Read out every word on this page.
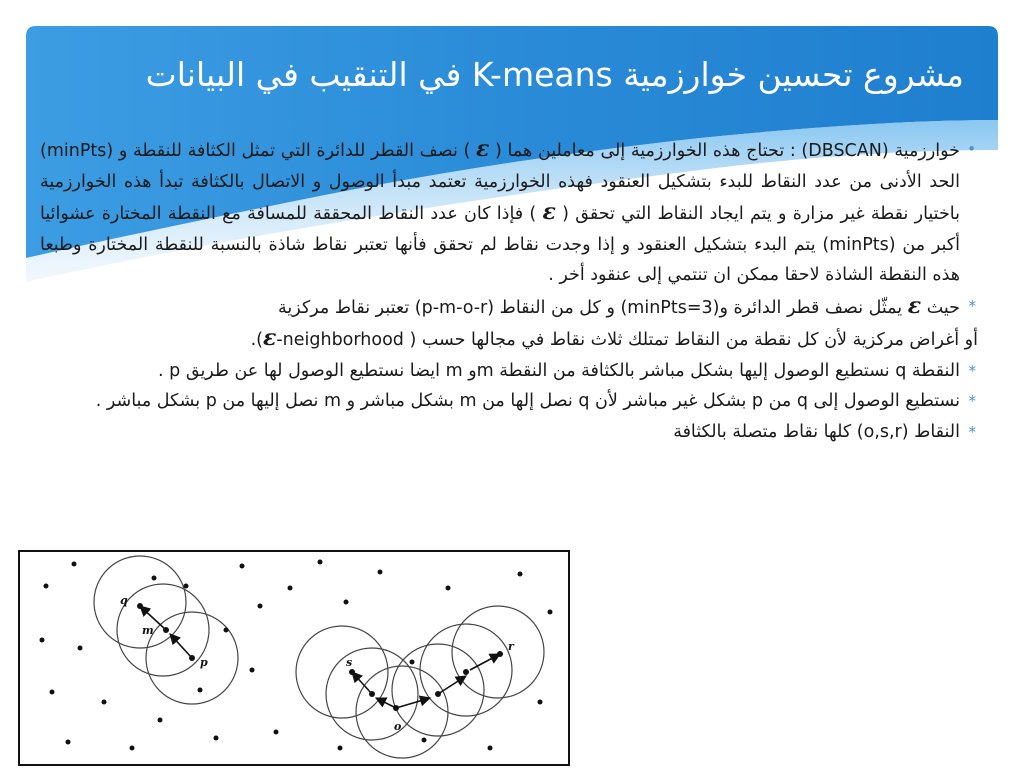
مشروع تحسين خوارزمية K-means في التنقيب في البيانات

•
خوارزمية (DBSCAN) : تحتاج هذه الخوارزمية إلى معاملين هما ( ε ) نصف القطر للدائرة التي تمثل الكثافة للنقطة و (minPts) الحد الأدنى من عدد النقاط للبدء بتشكيل العنقود فهذه الخوارزمية تعتمد مبدأ الوصول و الاتصال بالكثافة تبدأ هذه الخوارزمية باختيار نقطة غير مزارة و يتم ايجاد النقاط التي تحقق ( ε ) فإذا كان عدد النقاط المحققة للمسافة مع النقطة المختارة عشوائيا أكبر من (minPts) يتم البدء بتشكيل العنقود و إذا وجدت نقاط لم تحقق فأنها تعتبر نقاط شاذة بالنسبة للنقطة المختارة وطبعا هذه النقطة الشاذة لاحقا ممكن ان تنتمي إلى عنقود أخر .

*
حيث ε يمثّل نصف قطر الدائرة و(minPts=3) و كل من النقاط (p-m-o-r) تعتبر نقاط مركزية

أو أغراض مركزية لأن كل نقطة من النقاط تمتلك ثلاث نقاط في مجالها حسب ( ε-neighborhood).

*
النقطة q نستطيع الوصول إليها بشكل مباشر بالكثافة من النقطة mو m ايضا نستطيع الوصول لها عن طريق p .

*
نستطيع الوصول إلى q من p بشكل غير مباشر لأن q نصل إلها من m بشكل مباشر و m نصل إليها من p بشكل مباشر .

*
النقاط (o,s,r) كلها نقاط متصلة بالكثافة

q
m
p	s
o
r
